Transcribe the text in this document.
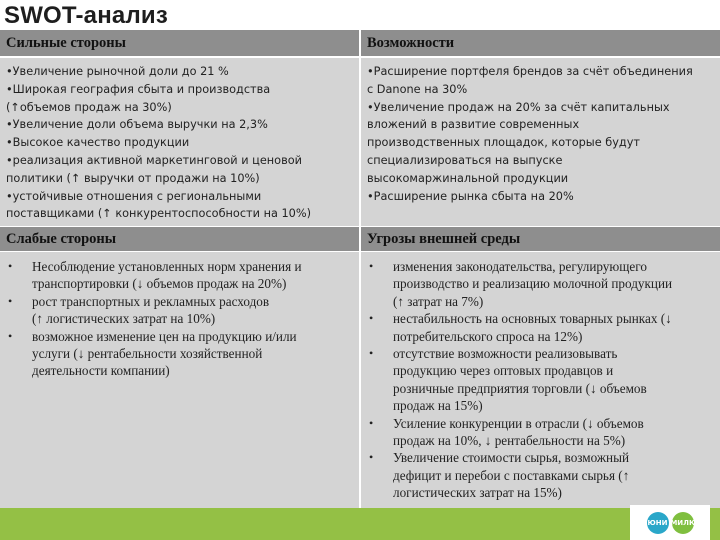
SWOT-анализ
Сильные стороны
•Увеличение рыночной доли до 21 %
•Широкая география сбыта и производства
(↑объемов продаж на 30%)
•Увеличение доли объема выручки на 2,3%
•Высокое качество продукции
•реализация активной маркетинговой и ценовой
политики (↑ выручки от продажи на 10%)
•устойчивые отношения с региональными
поставщиками (↑ конкурентоспособности на 10%)
Возможности
•Расширение портфеля брендов за счёт объединения
с Danone на 30%
•Увеличение продаж на 20% за счёт капитальных
вложений в развитие современных
производственных площадок, которые будут
специализироваться на выпуске
высокомаржинальной продукции
•Расширение рынка сбыта на 20%
Слабые стороны
• Несоблюдение установленных норм хранения и
транспортировки (↓ объемов продаж на 20%)
• рост транспортных и рекламных расходов
(↑ логистических затрат на 10%)
• возможное изменение цен на продукцию и/или
услуги (↓ рентабельности хозяйственной
деятельности компании)
Угрозы внешней среды
• изменения законодательства, регулирующего
производство и реализацию молочной продукции
(↑ затрат на 7%)
• нестабильность на основных товарных рынках (↓
потребительского спроса на 12%)
• отсутствие возможности реализовывать
продукцию через оптовых продавцов и
розничные предприятия торговли (↓ объемов
продаж на 15%)
• Усиление конкуренции в отрасли (↓ объемов
продаж на 10%, ↓ рентабельности на 5%)
• Увеличение стоимости сырья, возможный
дефицит и перебои с поставками сырья (↑
логистических затрат на 15%)
ЮНИ МИЛК
